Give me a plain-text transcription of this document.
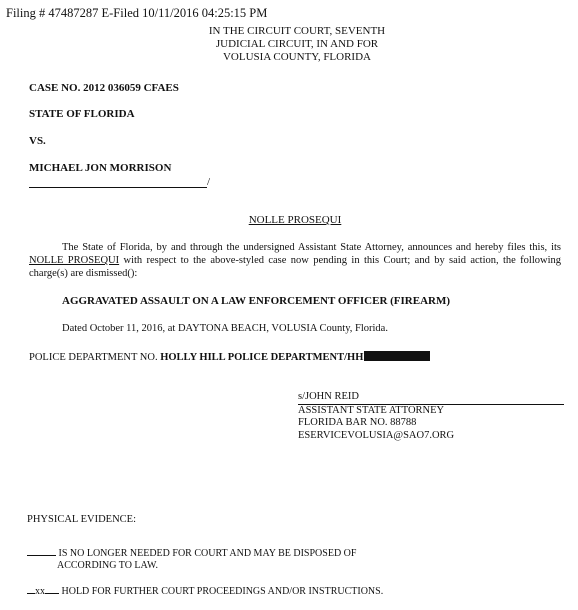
Filing # 47487287 E-Filed 10/11/2016 04:25:15 PM
IN THE CIRCUIT COURT, SEVENTH
JUDICIAL CIRCUIT, IN AND FOR
VOLUSIA COUNTY, FLORIDA
CASE NO. 2012 036059 CFAES
STATE OF FLORIDA
VS.
MICHAEL JON MORRISON
/
NOLLE PROSEQUI
The State of Florida, by and through the undersigned Assistant State Attorney, announces and hereby files this, its NOLLE PROSEQUI with respect to the above-styled case now pending in this Court; and by said action, the following charge(s) are dismissed():
AGGRAVATED ASSAULT ON A LAW ENFORCEMENT OFFICER (FIREARM)
Dated October 11, 2016, at DAYTONA BEACH, VOLUSIA County, Florida.
POLICE DEPARTMENT NO. HOLLY HILL POLICE DEPARTMENT/HH
s/JOHN REID
ASSISTANT STATE ATTORNEY
FLORIDA BAR NO. 88788
ESERVICEVOLUSIA@SAO7.ORG
PHYSICAL EVIDENCE:
IS NO LONGER NEEDED FOR COURT AND MAY BE DISPOSED OF
ACCORDING TO LAW.
xx HOLD FOR FURTHER COURT PROCEEDINGS AND/OR INSTRUCTIONS.
